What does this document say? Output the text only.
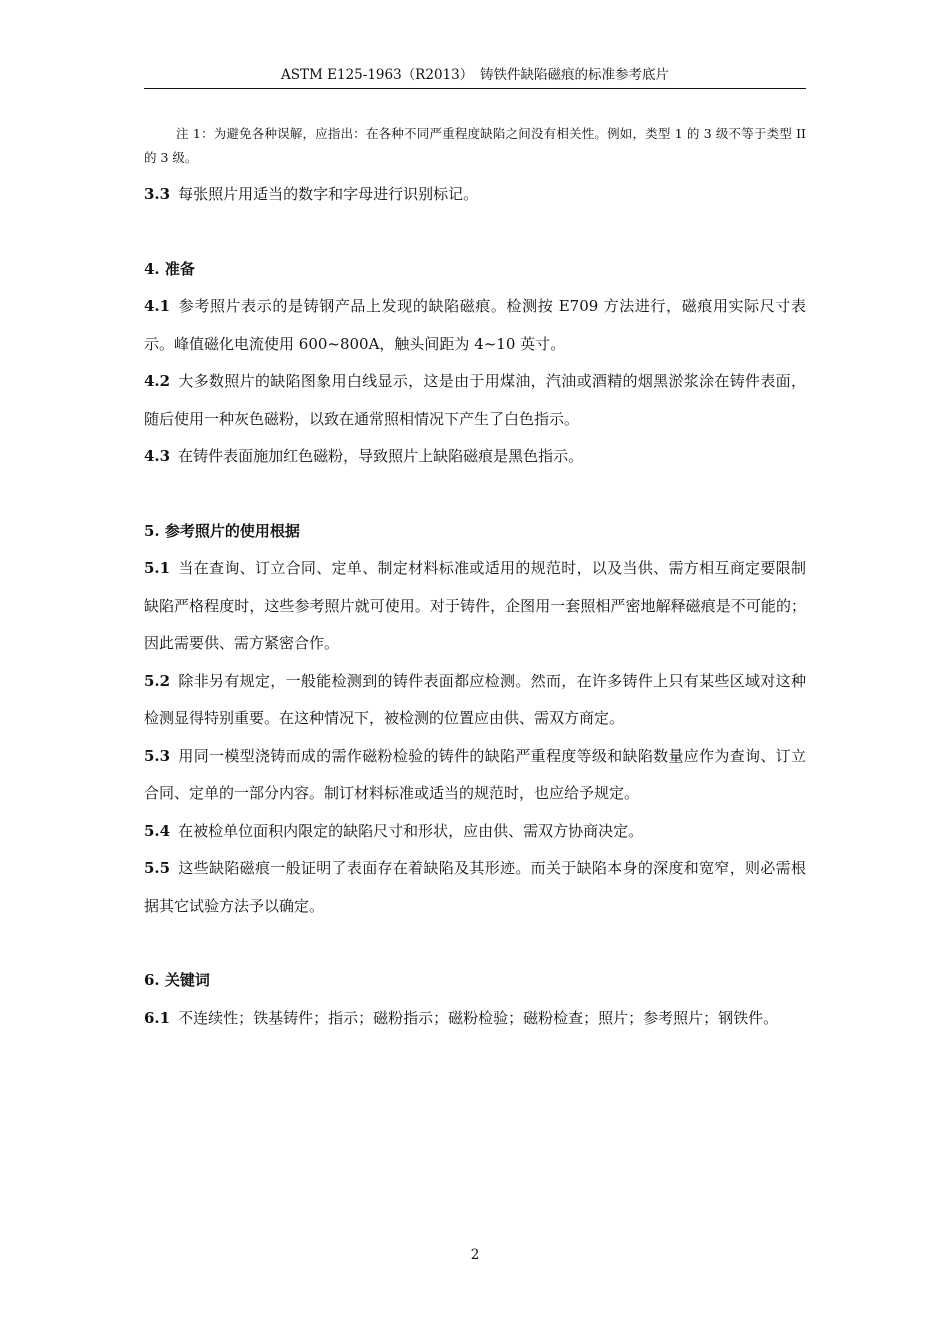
ASTM E125-1963（R2013）　铸铁件缺陷磁痕的标准参考底片

注 1：为避免各种误解，应指出：在各种不同严重程度缺陷之间没有相关性。例如，类型 1 的 3 级不等于类型 II 的 3 级。

3.3 每张照片用适当的数字和字母进行识别标记。

4. 准备

4.1 参考照片表示的是铸钢产品上发现的缺陷磁痕。检测按 E709 方法进行，磁痕用实际尺寸表示。峰值磁化电流使用 600~800A，触头间距为 4~10 英寸。

4.2 大多数照片的缺陷图象用白线显示，这是由于用煤油，汽油或酒精的烟黑淤浆涂在铸件表面，随后使用一种灰色磁粉，以致在通常照相情况下产生了白色指示。

4.3 在铸件表面施加红色磁粉，导致照片上缺陷磁痕是黑色指示。

5. 参考照片的使用根据

5.1 当在查询、订立合同、定单、制定材料标准或适用的规范时，以及当供、需方相互商定要限制缺陷严格程度时，这些参考照片就可使用。对于铸件，企图用一套照相严密地解释磁痕是不可能的；因此需要供、需方紧密合作。

5.2 除非另有规定，一般能检测到的铸件表面都应检测。然而，在许多铸件上只有某些区域对这种检测显得特别重要。在这种情况下，被检测的位置应由供、需双方商定。

5.3 用同一模型浇铸而成的需作磁粉检验的铸件的缺陷严重程度等级和缺陷数量应作为查询、订立合同、定单的一部分内容。制订材料标准或适当的规范时，也应给予规定。

5.4 在被检单位面积内限定的缺陷尺寸和形状，应由供、需双方协商决定。

5.5 这些缺陷磁痕一般证明了表面存在着缺陷及其形迹。而关于缺陷本身的深度和宽窄，则必需根据其它试验方法予以确定。

6. 关键词

6.1 不连续性；铁基铸件；指示；磁粉指示；磁粉检验；磁粉检查；照片；参考照片；钢铁件。

2
